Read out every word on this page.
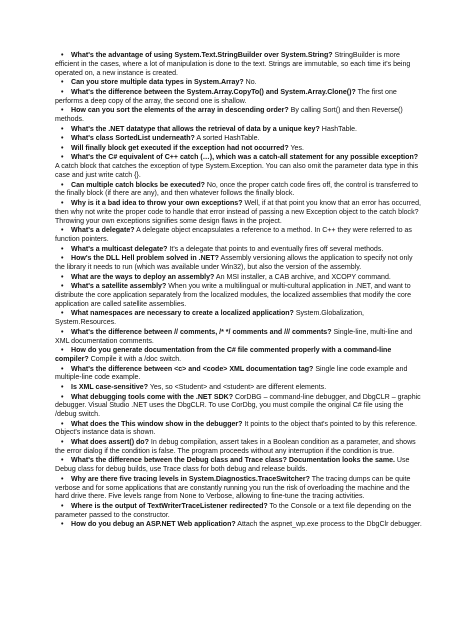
• What's the advantage of using System.Text.StringBuilder over System.String? StringBuilder is more efficient in the cases, where a lot of manipulation is done to the text. Strings are immutable, so each time it's being operated on, a new instance is created.
• Can you store multiple data types in System.Array? No.
• What's the difference between the System.Array.CopyTo() and System.Array.Clone()? The first one performs a deep copy of the array, the second one is shallow.
• How can you sort the elements of the array in descending order? By calling Sort() and then Reverse() methods.
• What's the .NET datatype that allows the retrieval of data by a unique key? HashTable.
• What's class SortedList underneath? A sorted HashTable.
• Will finally block get executed if the exception had not occurred? Yes.
• What's the C# equivalent of C++ catch (…), which was a catch-all statement for any possible exception? A catch block that catches the exception of type System.Exception. You can also omit the parameter data type in this case and just write catch {}.
• Can multiple catch blocks be executed? No, once the proper catch code fires off, the control is transferred to the finally block (if there are any), and then whatever follows the finally block.
• Why is it a bad idea to throw your own exceptions? Well, if at that point you know that an error has occurred, then why not write the proper code to handle that error instead of passing a new Exception object to the catch block? Throwing your own exceptions signifies some design flaws in the project.
• What's a delegate? A delegate object encapsulates a reference to a method. In C++ they were referred to as function pointers.
• What's a multicast delegate? It's a delegate that points to and eventually fires off several methods.
• How's the DLL Hell problem solved in .NET? Assembly versioning allows the application to specify not only the library it needs to run (which was available under Win32), but also the version of the assembly.
• What are the ways to deploy an assembly? An MSI installer, a CAB archive, and XCOPY command.
• What's a satellite assembly? When you write a multilingual or multi-cultural application in .NET, and want to distribute the core application separately from the localized modules, the localized assemblies that modify the core application are called satellite assemblies.
• What namespaces are necessary to create a localized application? System.Globalization, System.Resources.
• What's the difference between // comments, /* */ comments and /// comments? Single-line, multi-line and XML documentation comments.
• How do you generate documentation from the C# file commented properly with a command-line compiler? Compile it with a /doc switch.
• What's the difference between <c> and <code> XML documentation tag? Single line code example and multiple-line code example.
• Is XML case-sensitive? Yes, so <Student> and <student> are different elements.
• What debugging tools come with the .NET SDK? CorDBG – command-line debugger, and DbgCLR – graphic debugger. Visual Studio .NET uses the DbgCLR. To use CorDbg, you must compile the original C# file using the /debug switch.
• What does the This window show in the debugger? It points to the object that's pointed to by this reference. Object's instance data is shown.
• What does assert() do? In debug compilation, assert takes in a Boolean condition as a parameter, and shows the error dialog if the condition is false. The program proceeds without any interruption if the condition is true.
• What's the difference between the Debug class and Trace class? Documentation looks the same. Use Debug class for debug builds, use Trace class for both debug and release builds.
• Why are there five tracing levels in System.Diagnostics.TraceSwitcher? The tracing dumps can be quite verbose and for some applications that are constantly running you run the risk of overloading the machine and the hard drive there. Five levels range from None to Verbose, allowing to fine-tune the tracing activities.
• Where is the output of TextWriterTraceListener redirected? To the Console or a text file depending on the parameter passed to the constructor.
• How do you debug an ASP.NET Web application? Attach the aspnet_wp.exe process to the DbgClr debugger.
